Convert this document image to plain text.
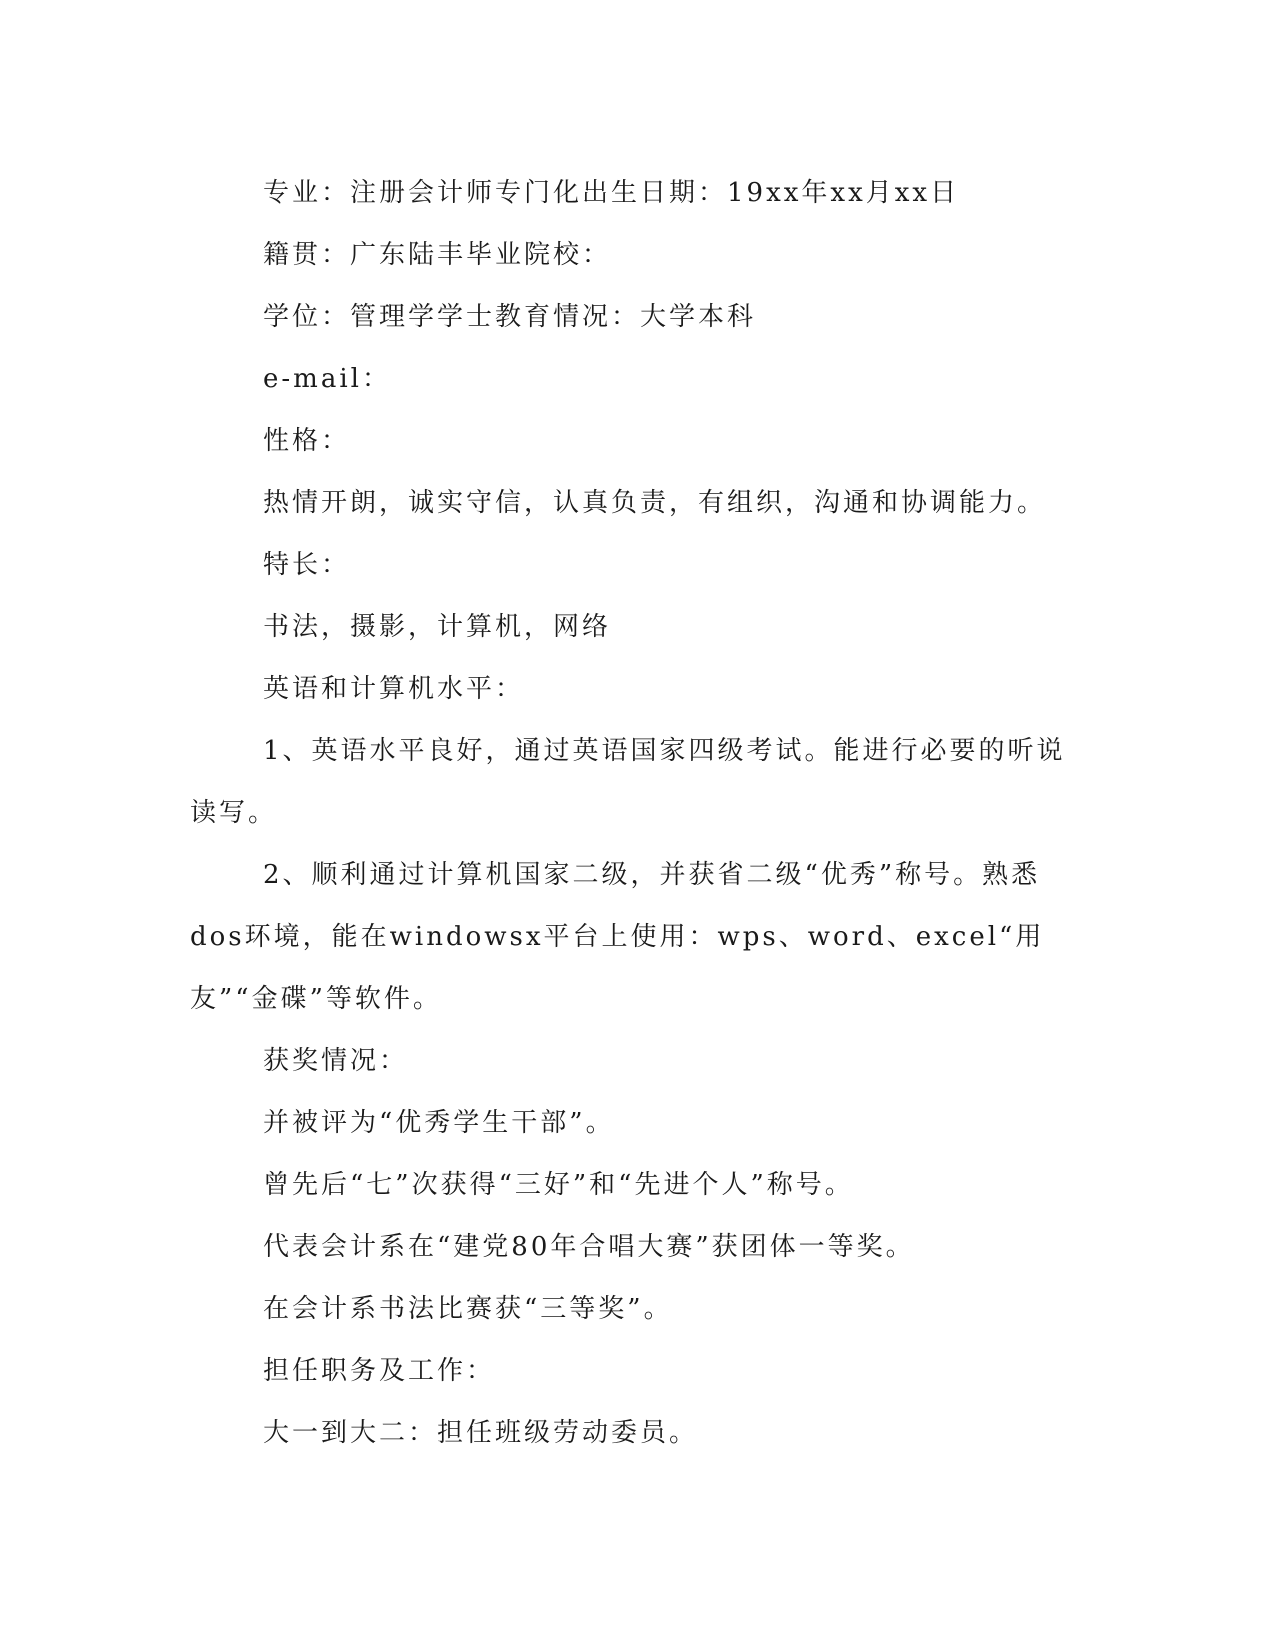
专业：注册会计师专门化出生日期：19xx年xx月xx日

籍贯：广东陆丰毕业院校：

学位：管理学学士教育情况：大学本科

e-mail：

性格：

热情开朗，诚实守信，认真负责，有组织，沟通和协调能力。

特长：

书法，摄影，计算机，网络

英语和计算机水平：

1、英语水平良好，通过英语国家四级考试。能进行必要的听说读写。

2、顺利通过计算机国家二级，并获省二级“优秀”称号。熟悉dos环境，能在windowsx平台上使用：wps、word、excel“用友”“金碟”等软件。

获奖情况：

并被评为“优秀学生干部”。

曾先后“七”次获得“三好”和“先进个人”称号。

代表会计系在“建党80年合唱大赛”获团体一等奖。

在会计系书法比赛获“三等奖”。

担任职务及工作：

大一到大二：担任班级劳动委员。
